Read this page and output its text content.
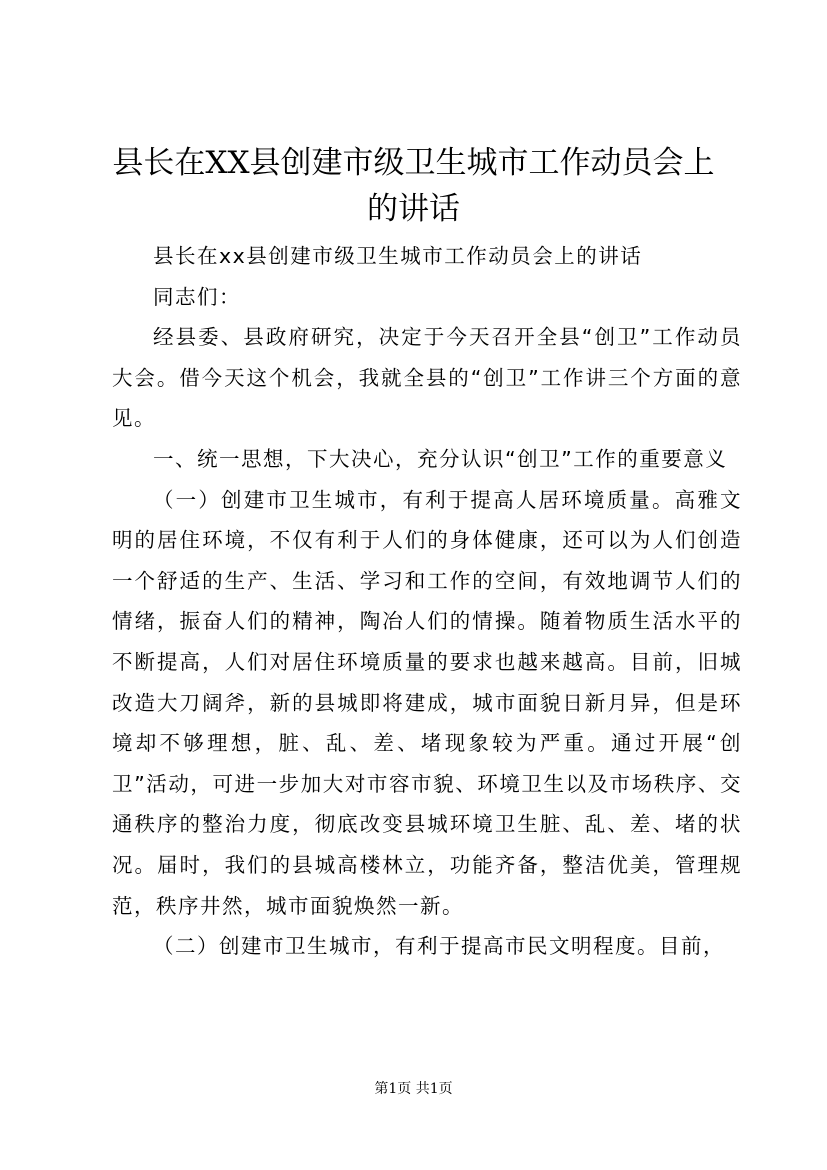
县长在XX县创建市级卫生城市工作动员会上
的讲话

县长在xx县创建市级卫生城市工作动员会上的讲话

同志们：

经县委、县政府研究，决定于今天召开全县“创卫”工作动员大会。借今天这个机会，我就全县的“创卫”工作讲三个方面的意见。

一、统一思想，下大决心，充分认识“创卫”工作的重要意义

（一）创建市卫生城市，有利于提高人居环境质量。高雅文明的居住环境，不仅有利于人们的身体健康，还可以为人们创造一个舒适的生产、生活、学习和工作的空间，有效地调节人们的情绪，振奋人们的精神，陶冶人们的情操。随着物质生活水平的不断提高，人们对居住环境质量的要求也越来越高。目前，旧城改造大刀阔斧，新的县城即将建成，城市面貌日新月异，但是环境却不够理想，脏、乱、差、堵现象较为严重。通过开展“创卫”活动，可进一步加大对市容市貌、环境卫生以及市场秩序、交通秩序的整治力度，彻底改变县城环境卫生脏、乱、差、堵的状况。届时，我们的县城高楼林立，功能齐备，整洁优美，管理规范，秩序井然，城市面貌焕然一新。

（二）创建市卫生城市，有利于提高市民文明程度。目前，

第1页 共1页
